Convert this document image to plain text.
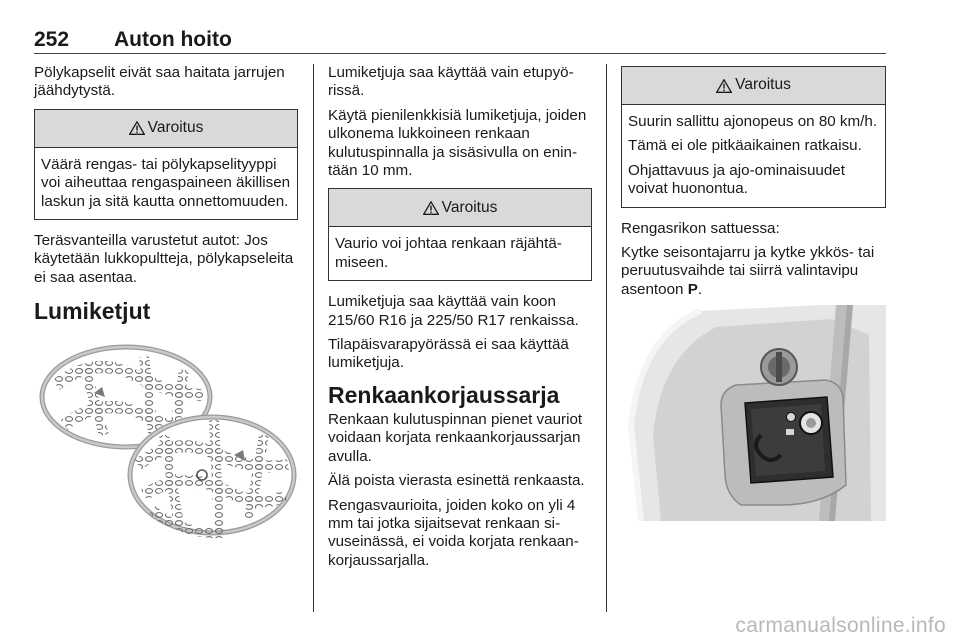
252 Auton hoito

Pölykapselit eivät saa haitata jarrujen jäähdytystä.

Varoitus

Väärä rengas- tai pölykapselityyppi voi aiheuttaa rengaspaineen äkillisen laskun ja sitä kautta onnettomuuden.

Teräsvanteilla varustetut autot: Jos käytetään lukkopultteja, pölykapseleita ei saa asentaa.

Lumiketjut

Lumiketjuja saa käyttää vain etupyörissä.

Käytä pienilenkkisiä lumiketjuja, joiden ulkonema lukkoineen renkaan kulutuspinnalla ja sisäsivulla on enintään 10 mm.

Varoitus

Vaurio voi johtaa renkaan räjähtämiseen.

Lumiketjuja saa käyttää vain koon 215/60 R16 ja 225/50 R17 renkaissa.

Tilapäisvarapyörässä ei saa käyttää lumiketjuja.

Renkaankorjaussarja

Renkaan kulutuspinnan pienet vauriot voidaan korjata renkaankorjaussarjan avulla.

Älä poista vierasta esinettä renkaasta.

Rengasvaurioita, joiden koko on yli 4 mm tai jotka sijaitsevat renkaan sivuseinässä, ei voida korjata renkaankorjaussarjalla.

Varoitus

Suurin sallittu ajonopeus on 80 km/h.

Tämä ei ole pitkäaikainen ratkaisu.

Ohjattavuus ja ajo-ominaisuudet voivat huonontua.

Rengasrikon sattuessa:

Kytke seisontajarru ja kytke ykkös- tai peruutusvaihde tai siirrä valintavipu asentoon P.

carmanualsonline.info
